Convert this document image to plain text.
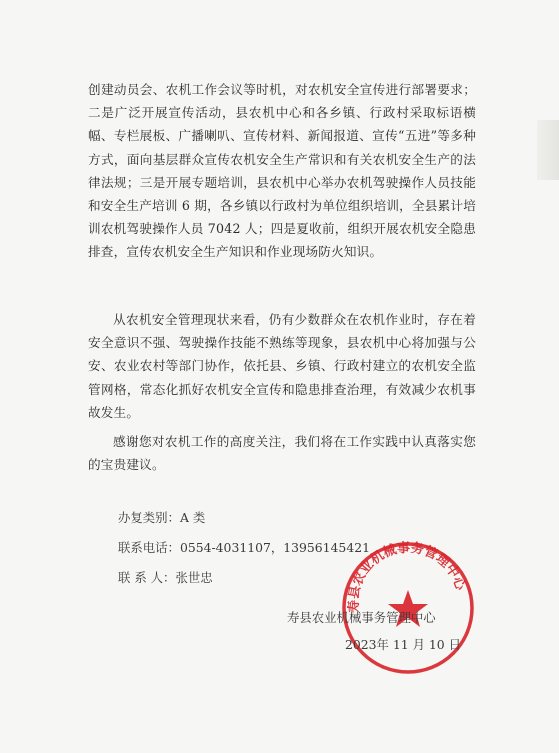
创建动员会、农机工作会议等时机，对农机安全宣传进行部署要求；二是广泛开展宣传活动，县农机中心和各乡镇、行政村采取标语横幅、专栏展板、广播喇叭、宣传材料、新闻报道、宣传“五进”等多种方式，面向基层群众宣传农机安全生产常识和有关农机安全生产的法律法规；三是开展专题培训，县农机中心举办农机驾驶操作人员技能和安全生产培训 6 期，各乡镇以行政村为单位组织培训，全县累计培训农机驾驶操作人员 7042 人；四是夏收前，组织开展农机安全隐患排查，宣传农机安全生产知识和作业现场防火知识。

从农机安全管理现状来看，仍有少数群众在农机作业时，存在着安全意识不强、驾驶操作技能不熟练等现象，县农机中心将加强与公安、农业农村等部门协作，依托县、乡镇、行政村建立的农机安全监管网格，常态化抓好农机安全宣传和隐患排查治理，有效减少农机事故发生。

感谢您对农机工作的高度关注，我们将在工作实践中认真落实您的宝贵建议。

办复类别：A 类
联系电话：0554-4031107，13956145421
联 系 人：张世忠
寿县农业机械事务管理中心
寿县农业机械事务管理中心
2023年 11 月 10 日
